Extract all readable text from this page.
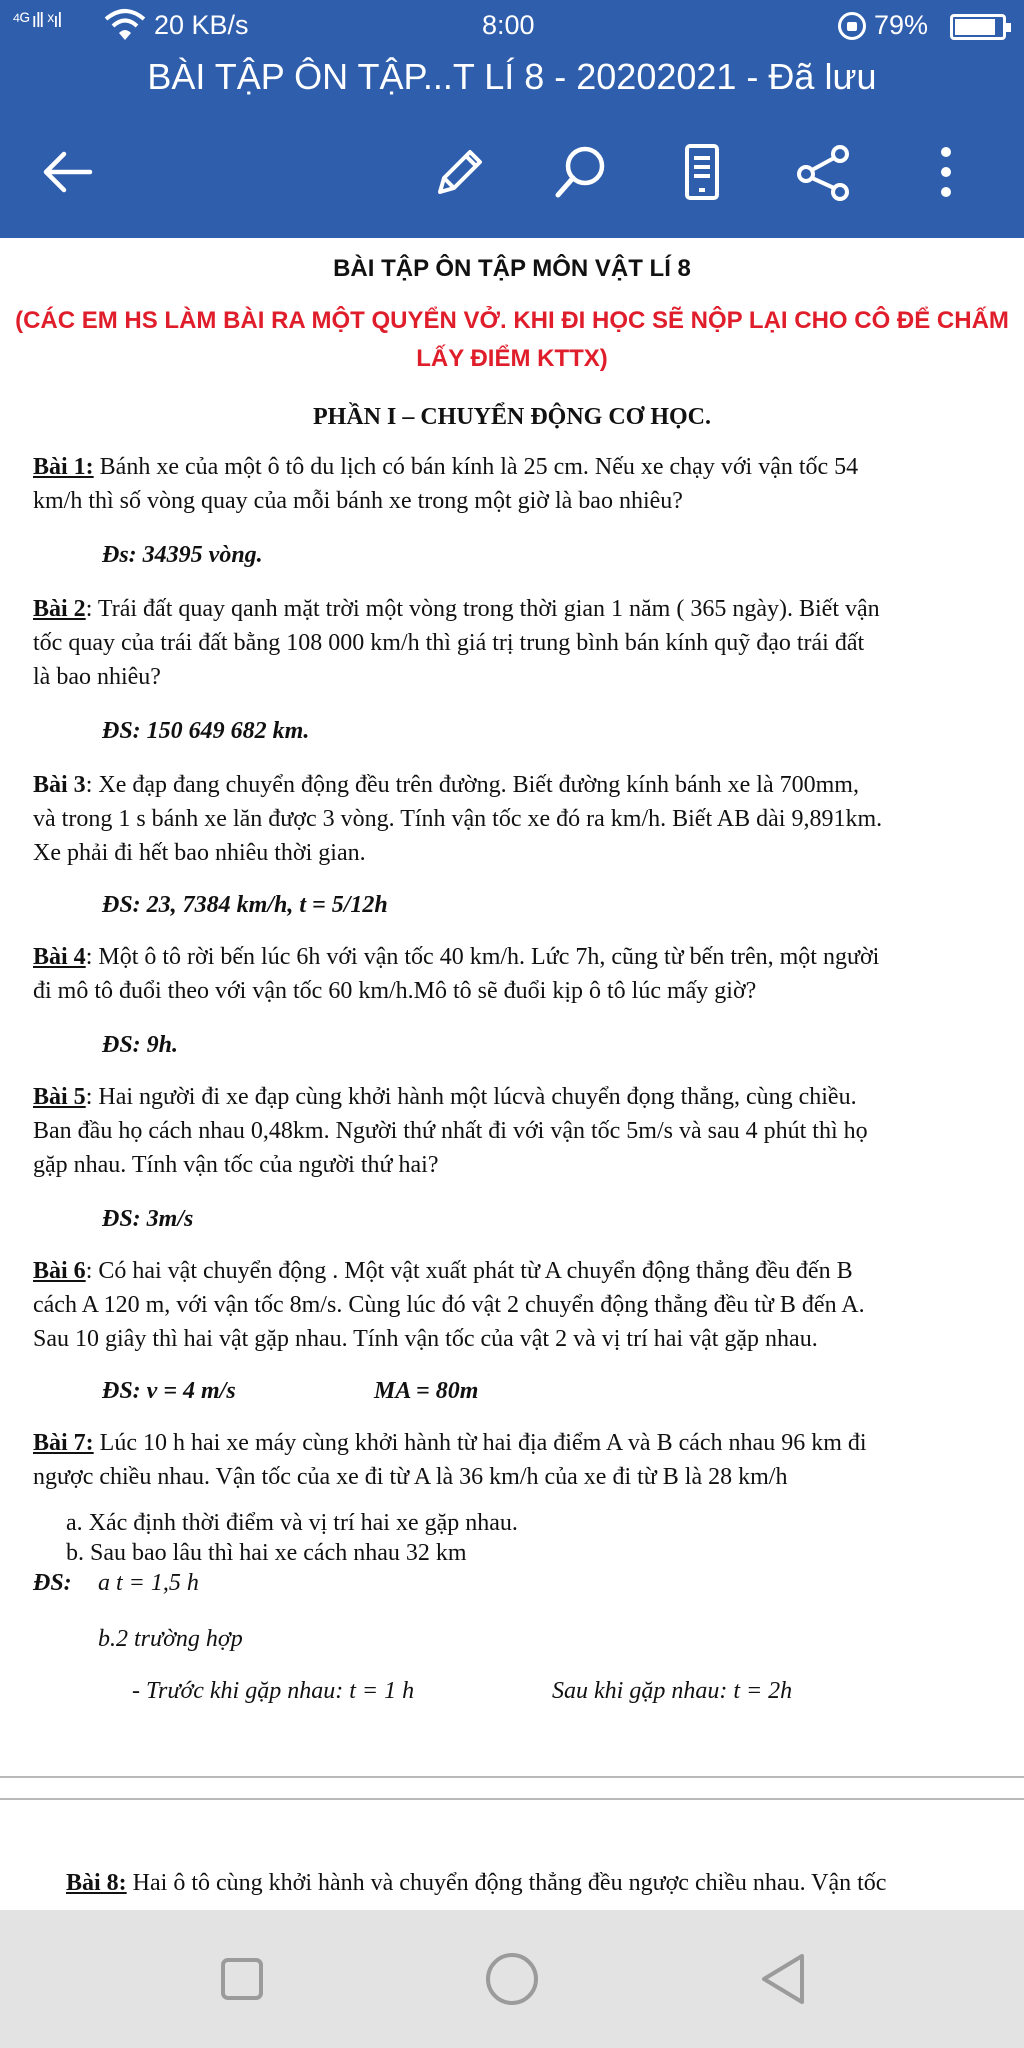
⁴ᴳ ıll ˣıl	20 KB/s	8:00	79%
BÀI TẬP ÔN TẬP...T LÍ 8 - 20202021 - Đã lưu
BÀI TẬP ÔN TẬP MÔN VẬT LÍ 8
(CÁC EM HS LÀM BÀI RA MỘT QUYỂN VỞ. KHI ĐI HỌC SẼ NỘP LẠI CHO CÔ ĐỂ CHẤM
LẤY ĐIỂM KTTX)
PHẦN I – CHUYỂN ĐỘNG CƠ HỌC.
Bài 1: Bánh xe của một ô tô du lịch có bán kính là 25 cm. Nếu xe chạy với vận tốc 54
km/h thì số vòng quay của mỗi bánh xe trong một giờ là bao nhiêu?
Đs: 34395 vòng.
Bài 2: Trái đất quay qanh mặt trời một vòng trong thời gian 1 năm ( 365 ngày). Biết vận
tốc quay của trái đất bằng 108 000 km/h thì giá trị trung bình bán kính quỹ đạo trái đất
là bao nhiêu?
ĐS: 150 649 682 km.
Bài 3: Xe đạp đang chuyển động đều trên đường. Biết đường kính bánh xe là 700mm,
và trong 1 s bánh xe lăn được 3 vòng. Tính vận tốc xe đó ra km/h. Biết AB dài 9,891km.
Xe phải đi hết bao nhiêu thời gian.
ĐS: 23, 7384 km/h, t = 5/12h
Bài 4: Một ô tô rời bến lúc 6h với vận tốc 40 km/h. Lức 7h, cũng từ bến trên, một người
đi mô tô đuổi theo với vận tốc 60 km/h.Mô tô sẽ đuổi kịp ô tô lúc mấy giờ?
ĐS: 9h.
Bài 5: Hai người đi xe đạp cùng khởi hành một lúcvà chuyển đọng thẳng, cùng chiều.
Ban đầu họ cách nhau 0,48km. Người thứ nhất đi với vận tốc 5m/s và sau 4 phút thì họ
gặp nhau. Tính vận tốc của người thứ hai?
ĐS: 3m/s
Bài 6: Có hai vật chuyển động . Một vật xuất phát từ A chuyển động thẳng đều đến B
cách A 120 m, với vận tốc 8m/s. Cùng lúc đó vật 2 chuyển động thẳng đều từ B đến A.
Sau 10 giây thì hai vật gặp nhau. Tính vận tốc của vật 2 và vị trí hai vật gặp nhau.
ĐS: v = 4 m/s	MA = 80m
Bài 7: Lúc 10 h hai xe máy cùng khởi hành từ hai địa điểm A và B cách nhau 96 km đi
ngược chiều nhau. Vận tốc của xe đi từ A là 36 km/h của xe đi từ B là 28 km/h
a. Xác định thời điểm và vị trí hai xe gặp nhau.
b. Sau bao lâu thì hai xe cách nhau 32 km
ĐS: a t = 1,5 h
b.2 trường hợp
- Trước khi gặp nhau: t = 1 h	Sau khi gặp nhau: t = 2h
Bài 8: Hai ô tô cùng khởi hành và chuyển động thẳng đều ngược chiều nhau. Vận tốc
